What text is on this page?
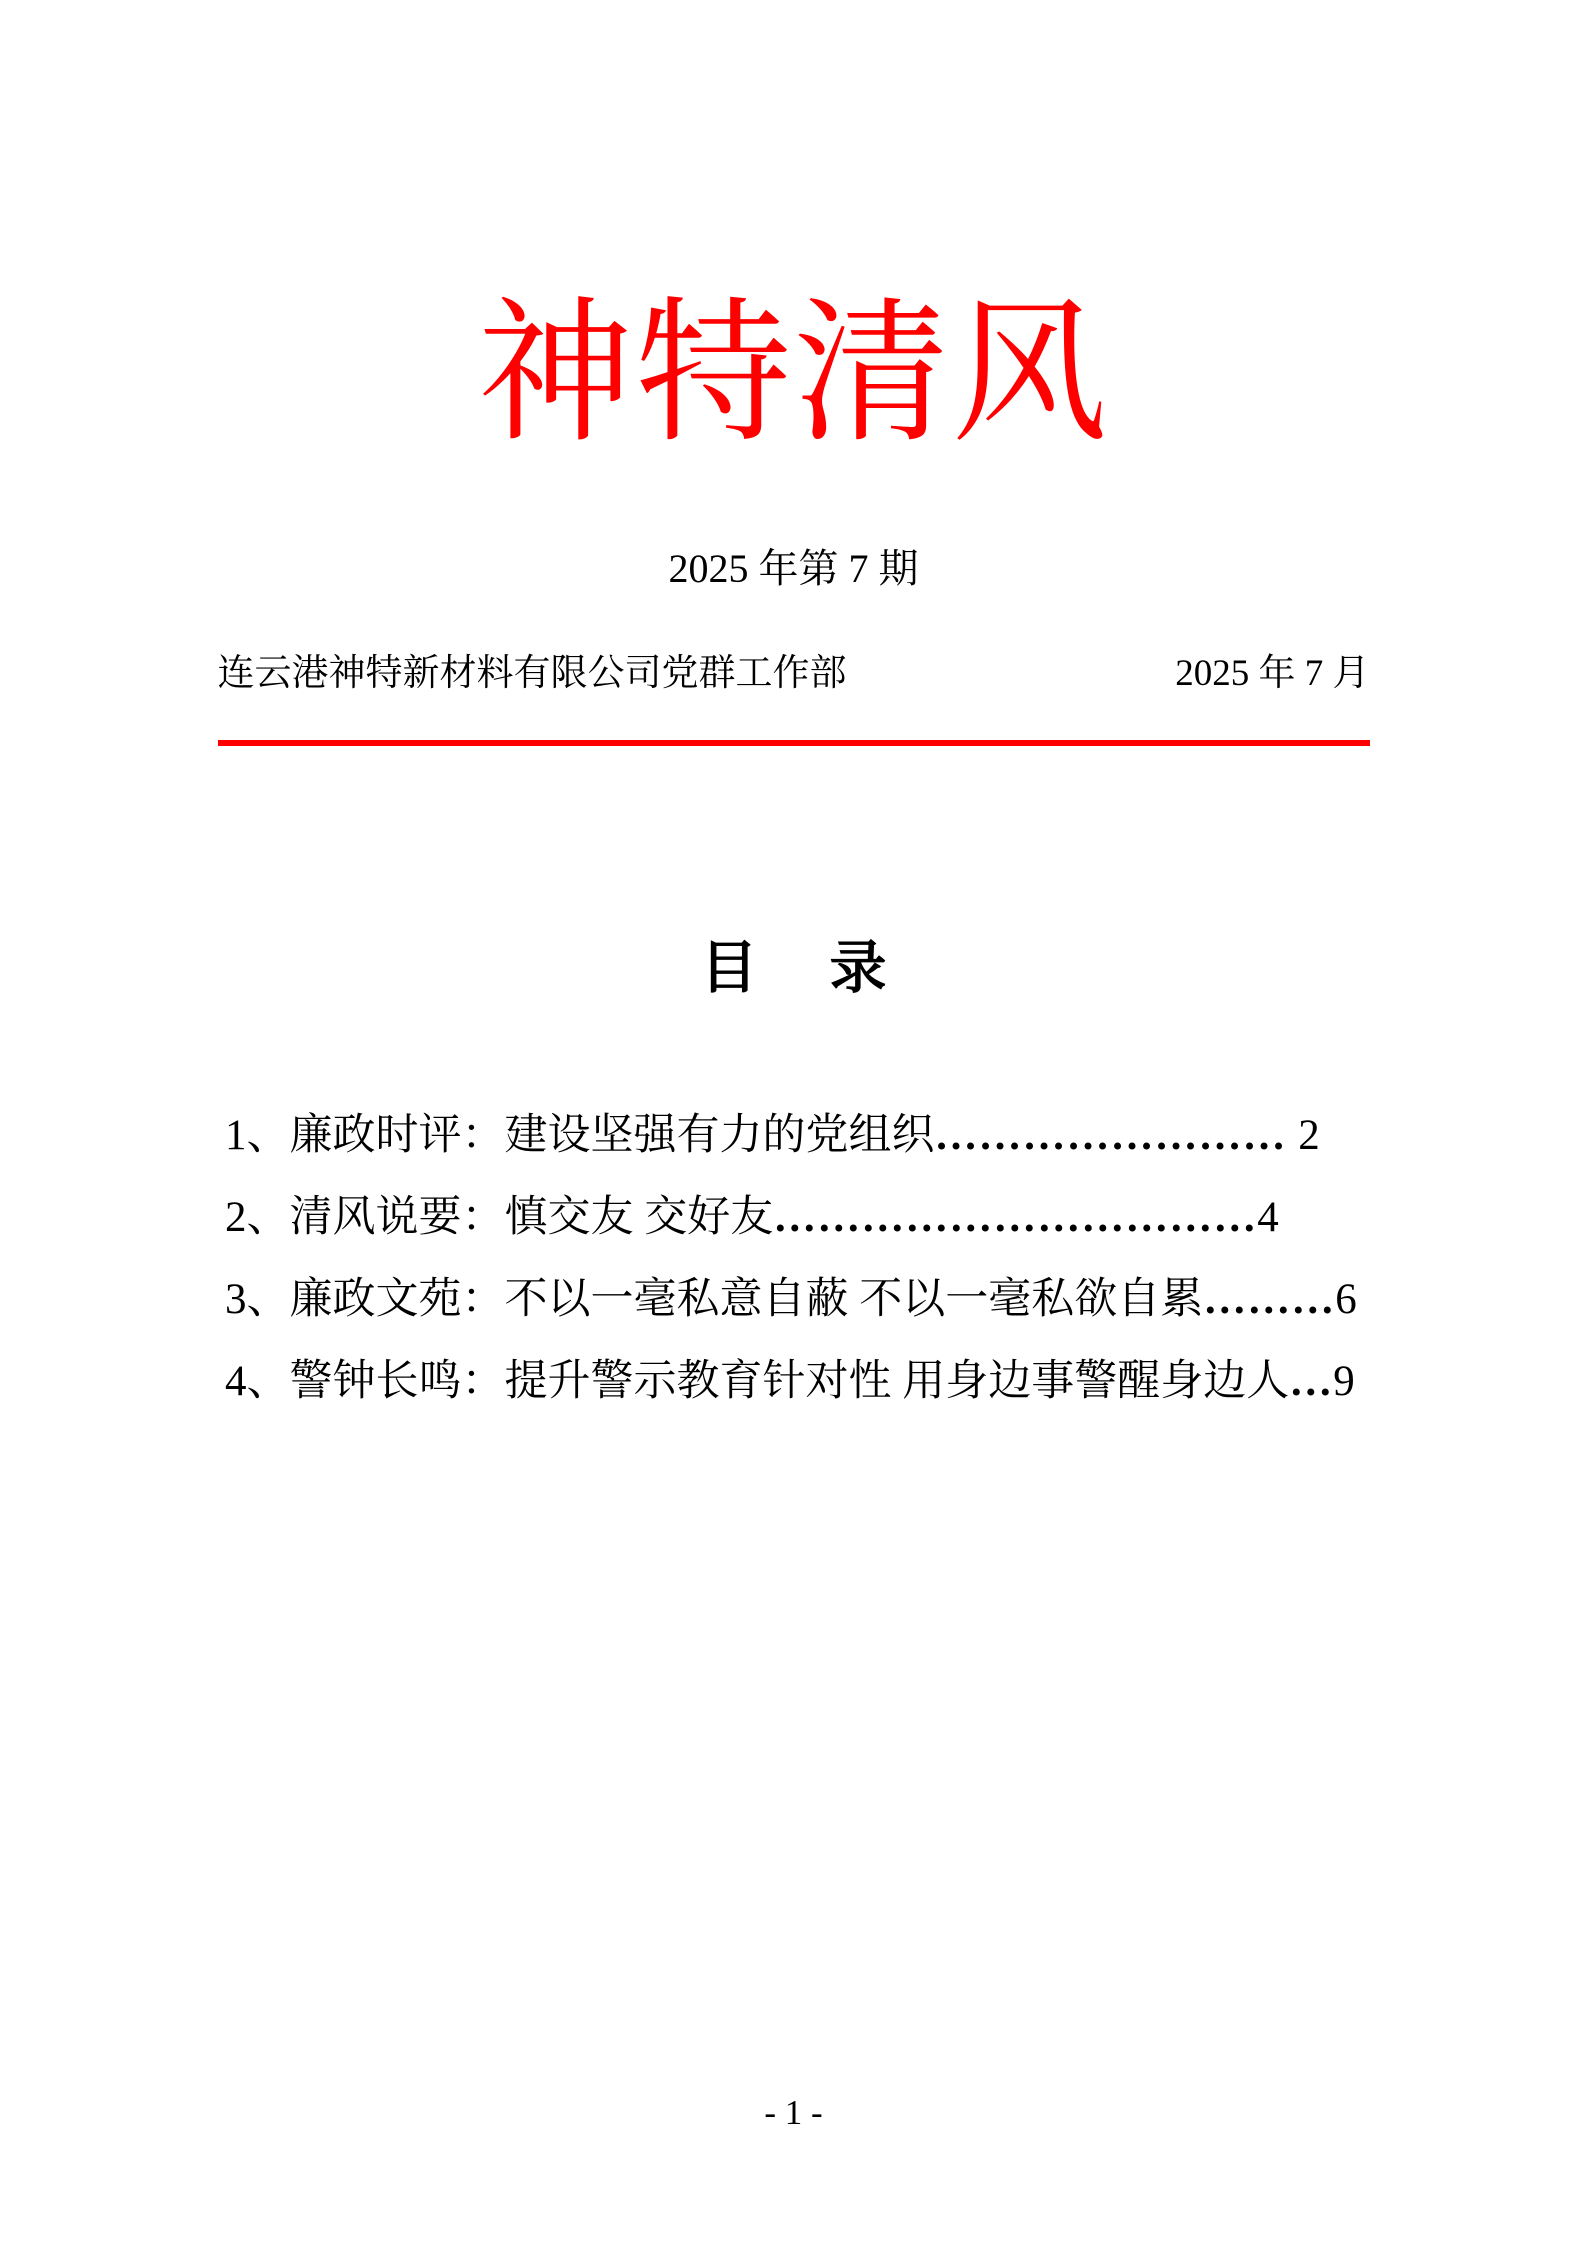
神特清风
2025 年第 7 期
连云港神特新材料有限公司党群工作部	2025 年 7 月
目 录
1、廉政时评：建设坚强有力的党组织…………………… 2
2、清风说要：慎交友 交好友……………………………4
3、廉政文苑：不以一毫私意自蔽 不以一毫私欲自累………6
4、警钟长鸣：提升警示教育针对性 用身边事警醒身边人…9
- 1 -
